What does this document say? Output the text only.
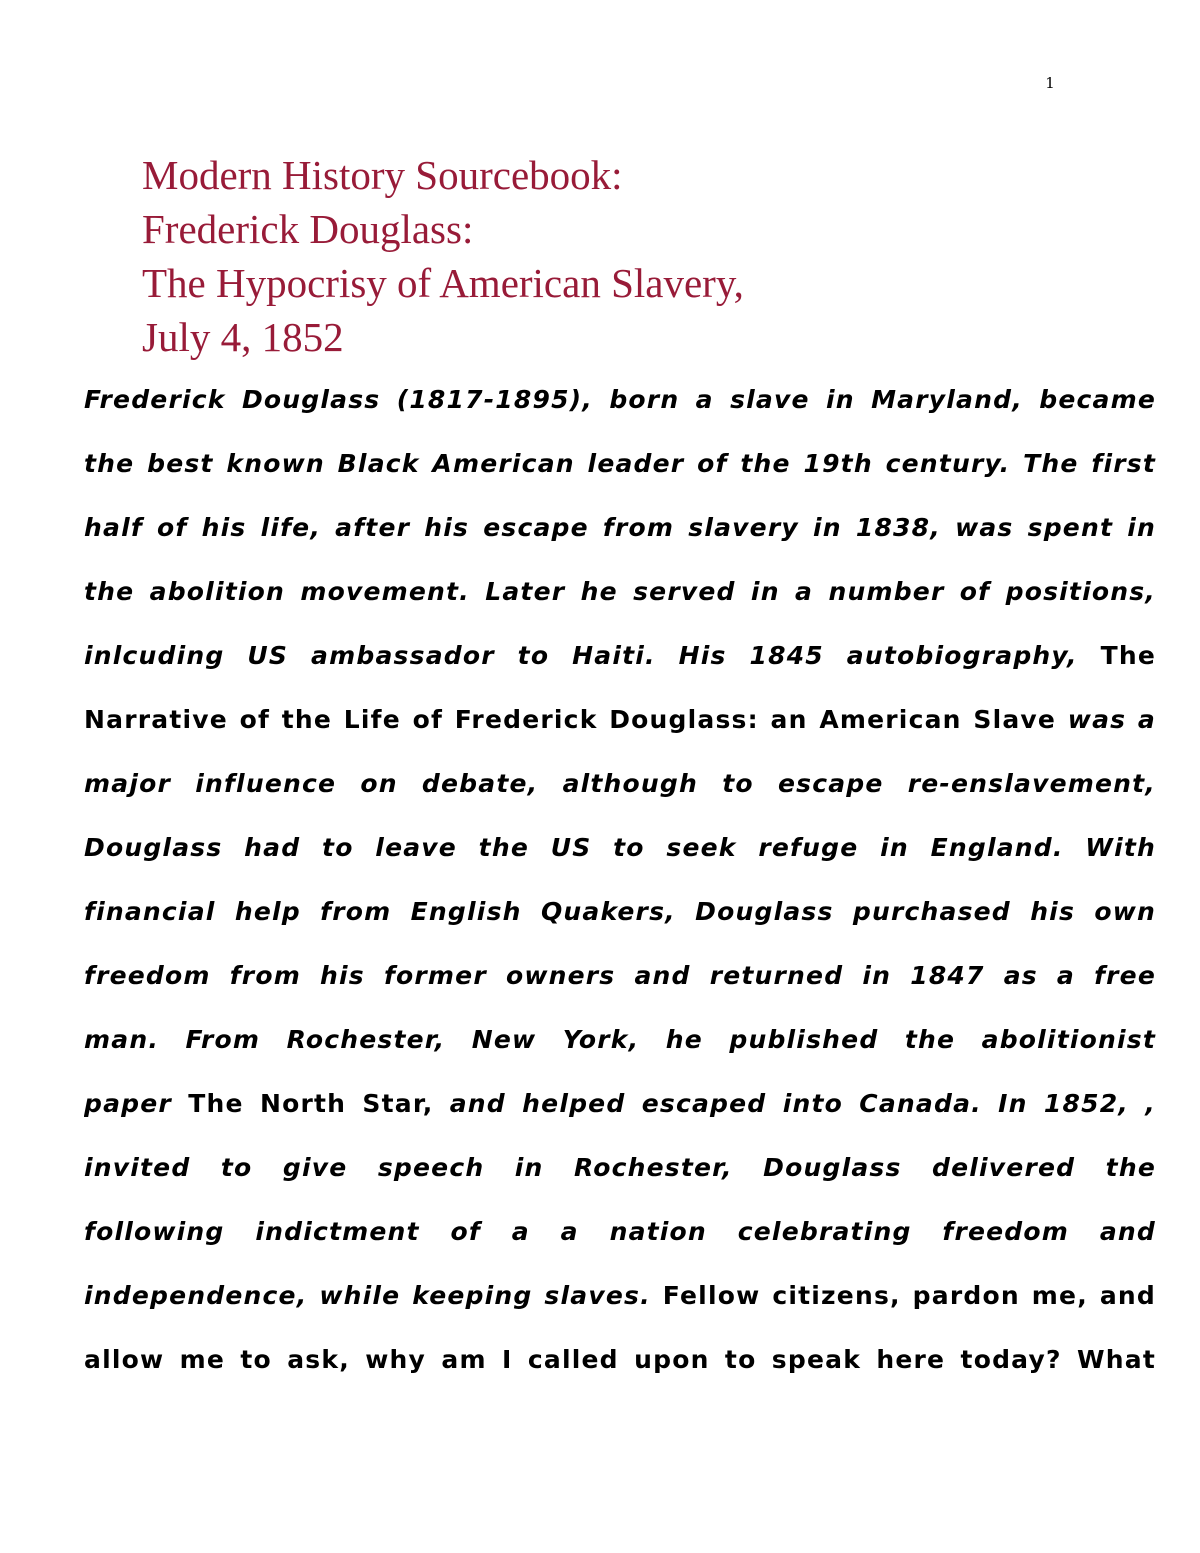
1
Modern History Sourcebook:
Frederick Douglass:
The Hypocrisy of American Slavery,
July 4, 1852
Frederick Douglass (1817-1895), born a slave in Maryland, became
the best known Black American leader of the 19th century. The first
half of his life, after his escape from slavery in 1838, was spent in
the abolition movement. Later he served in a number of positions,
inlcuding US ambassador to Haiti. His 1845 autobiography, The
Narrative of the Life of Frederick Douglass: an American Slave was a
major influence on debate, although to escape re-enslavement,
Douglass had to leave the US to seek refuge in England. With
financial help from English Quakers, Douglass purchased his own
freedom from his former owners and returned in 1847 as a free
man. From Rochester, New York, he published the abolitionist
paper The North Star, and helped escaped into Canada. In 1852, ,
invited to give speech in Rochester, Douglass delivered the
following indictment of a a nation celebrating freedom and
independence, while keeping slaves. Fellow citizens, pardon me, and
allow me to ask, why am I called upon to speak here today? What
